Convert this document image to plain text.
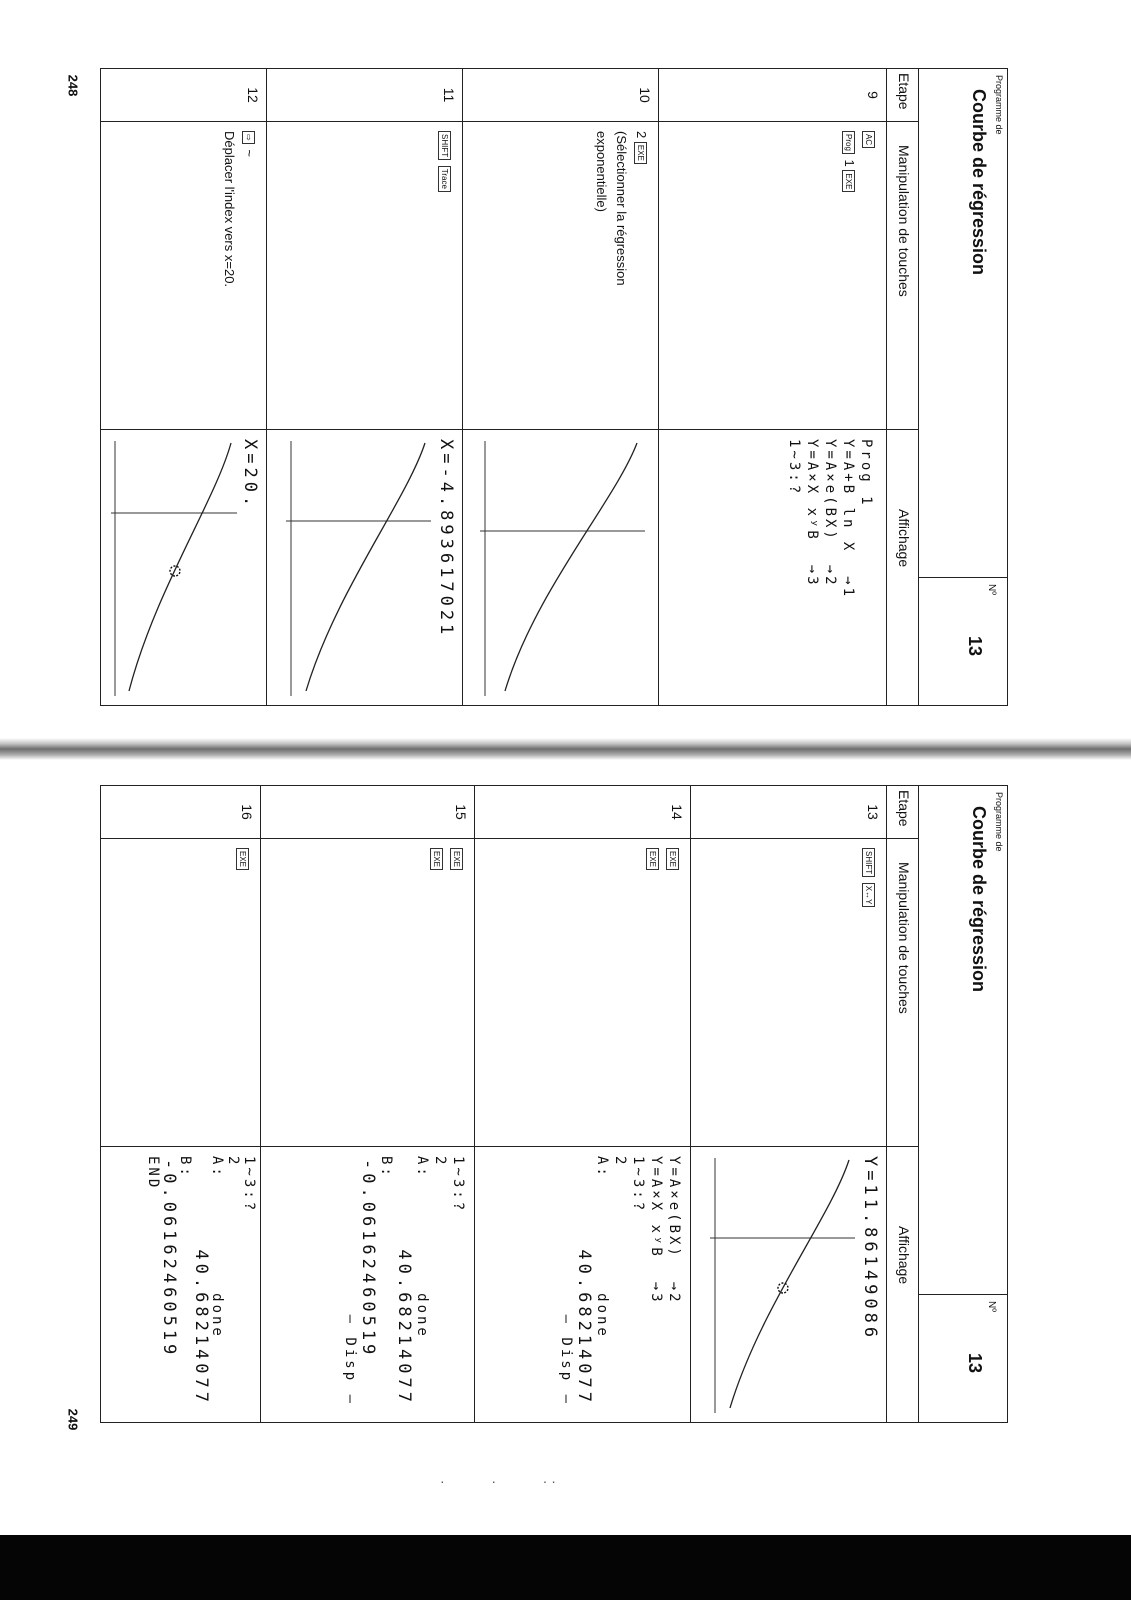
248
249
Programme de
Courbe de régression
Nº
13
Etape
Manipulation de touches
Affichage
9
AC
Prog 1 EXE
Prog 1
Y=A+B ln X  →1
Y=A×e(BX)  →2
Y=A×X xʸB  →3
1~3:?
10
2 EXE
(Sélectionner la régression
exponentielle)
11
SHIFT Trace
X=-4.893617021
12
⇨ ~
Déplacer l'index vers x=20.
X=20.
Programme de
Courbe de régression
Nº
13
Etape
Manipulation de touches
Affichage
13
SHIFT X↔Y
Y=11.86149086
14
EXE
EXE
Y=A×e(BX)  →2
Y=A×X xʸB  →3
1~3:?
2
A:          done
40.68214077
– Disp –
15
EXE
EXE
1~3:?
2
A:          done
40.68214077
B:
-0.06162460519
– Disp –
16
EXE
1~3:?
2
A:          done
40.68214077
B:
-0.06162460519
END
·            ·            · ·
